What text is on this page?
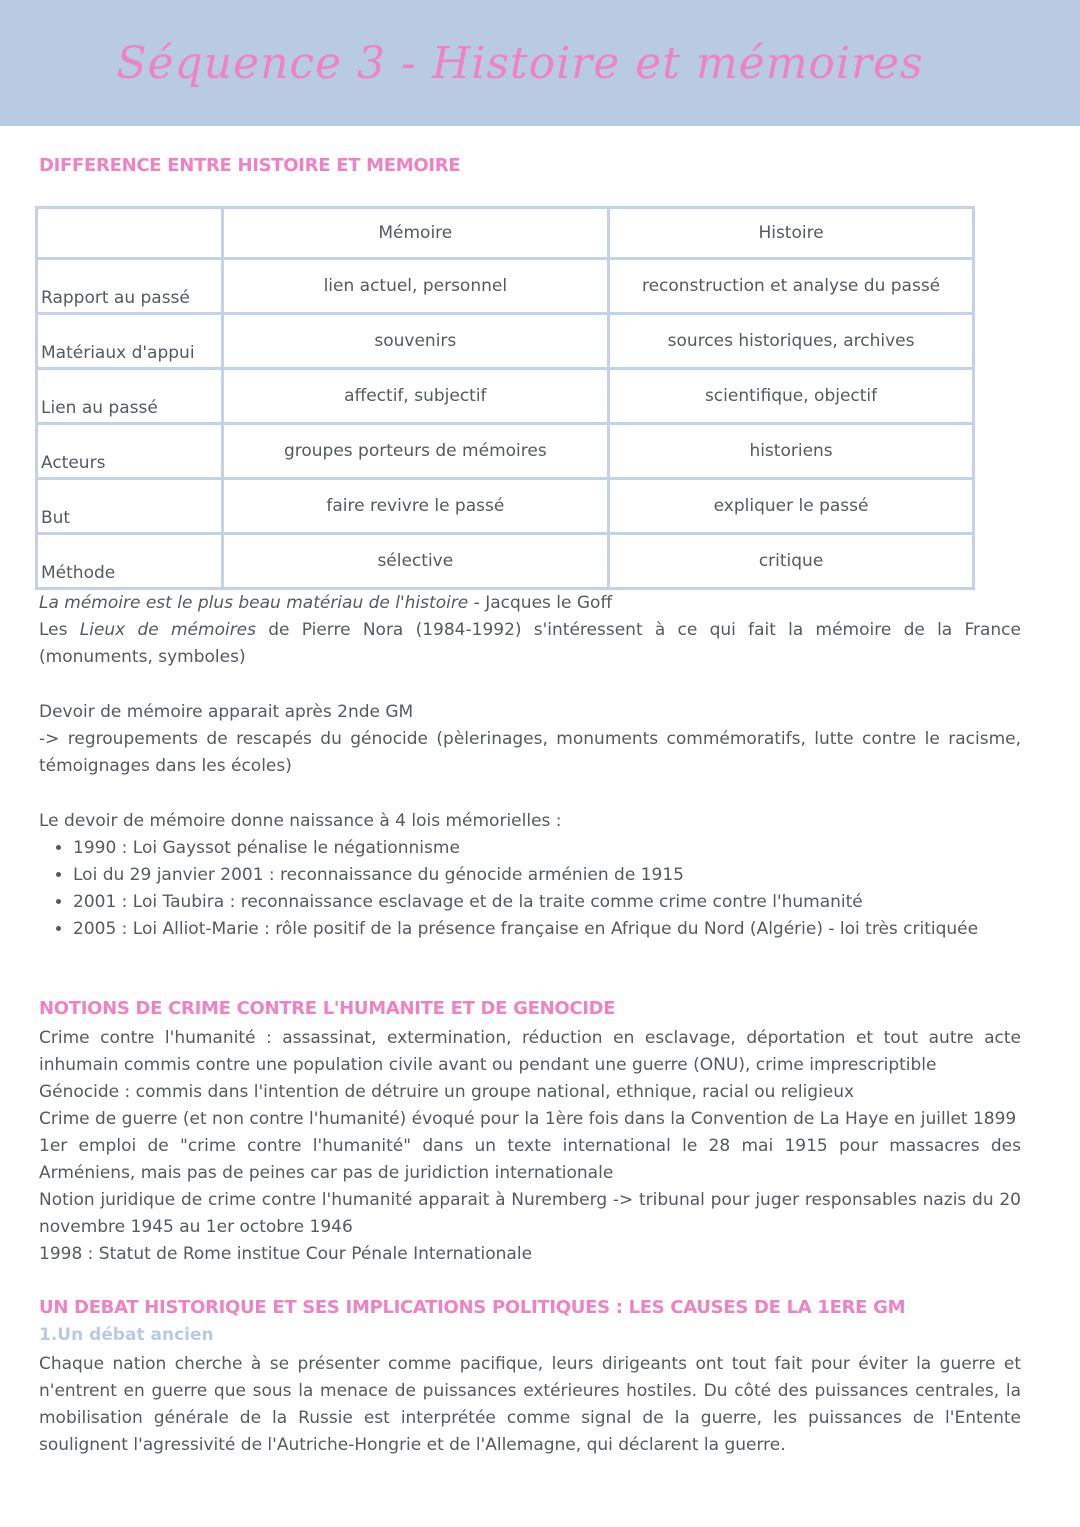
Séquence 3 - Histoire et mémoires
DIFFERENCE ENTRE HISTOIRE ET MEMOIRE
	Mémoire	Histoire
Rapport au passé	lien actuel, personnel	reconstruction et analyse du passé
Matériaux d'appui	souvenirs	sources historiques, archives
Lien au passé	affectif, subjectif	scientifique, objectif
Acteurs	groupes porteurs de mémoires	historiens
But	faire revivre le passé	expliquer le passé
Méthode	sélective	critique
La mémoire est le plus beau matériau de l'histoire - Jacques le Goff
Les Lieux de mémoires de Pierre Nora (1984-1992) s'intéressent à ce qui fait la mémoire de la France (monuments, symboles)
Devoir de mémoire apparait après 2nde GM
-> regroupements de rescapés du génocide (pèlerinages, monuments commémoratifs, lutte contre le racisme, témoignages dans les écoles)
Le devoir de mémoire donne naissance à 4 lois mémorielles :
• 1990 : Loi Gayssot pénalise le négationnisme
• Loi du 29 janvier 2001 : reconnaissance du génocide arménien de 1915
• 2001 : Loi Taubira : reconnaissance esclavage et de la traite comme crime contre l'humanité
• 2005 : Loi Alliot-Marie : rôle positif de la présence française en Afrique du Nord (Algérie) - loi très critiquée
NOTIONS DE CRIME CONTRE L'HUMANITE ET DE GENOCIDE
Crime contre l'humanité : assassinat, extermination, réduction en esclavage, déportation et tout autre acte inhumain commis contre une population civile avant ou pendant une guerre (ONU), crime imprescriptible
Génocide : commis dans l'intention de détruire un groupe national, ethnique, racial ou religieux
Crime de guerre (et non contre l'humanité) évoqué pour la 1ère fois dans la Convention de La Haye en juillet 1899
1er emploi de "crime contre l'humanité" dans un texte international le 28 mai 1915 pour massacres des Arméniens, mais pas de peines car pas de juridiction internationale
Notion juridique de crime contre l'humanité apparait à Nuremberg -> tribunal pour juger responsables nazis du 20 novembre 1945 au 1er octobre 1946
1998 : Statut de Rome institue Cour Pénale Internationale
UN DEBAT HISTORIQUE ET SES IMPLICATIONS POLITIQUES : LES CAUSES DE LA 1ERE GM
1.Un débat ancien
Chaque nation cherche à se présenter comme pacifique, leurs dirigeants ont tout fait pour éviter la guerre et n'entrent en guerre que sous la menace de puissances extérieures hostiles. Du côté des puissances centrales, la mobilisation générale de la Russie est interprétée comme signal de la guerre, les puissances de l'Entente soulignent l'agressivité de l'Autriche-Hongrie et de l'Allemagne, qui déclarent la guerre.
